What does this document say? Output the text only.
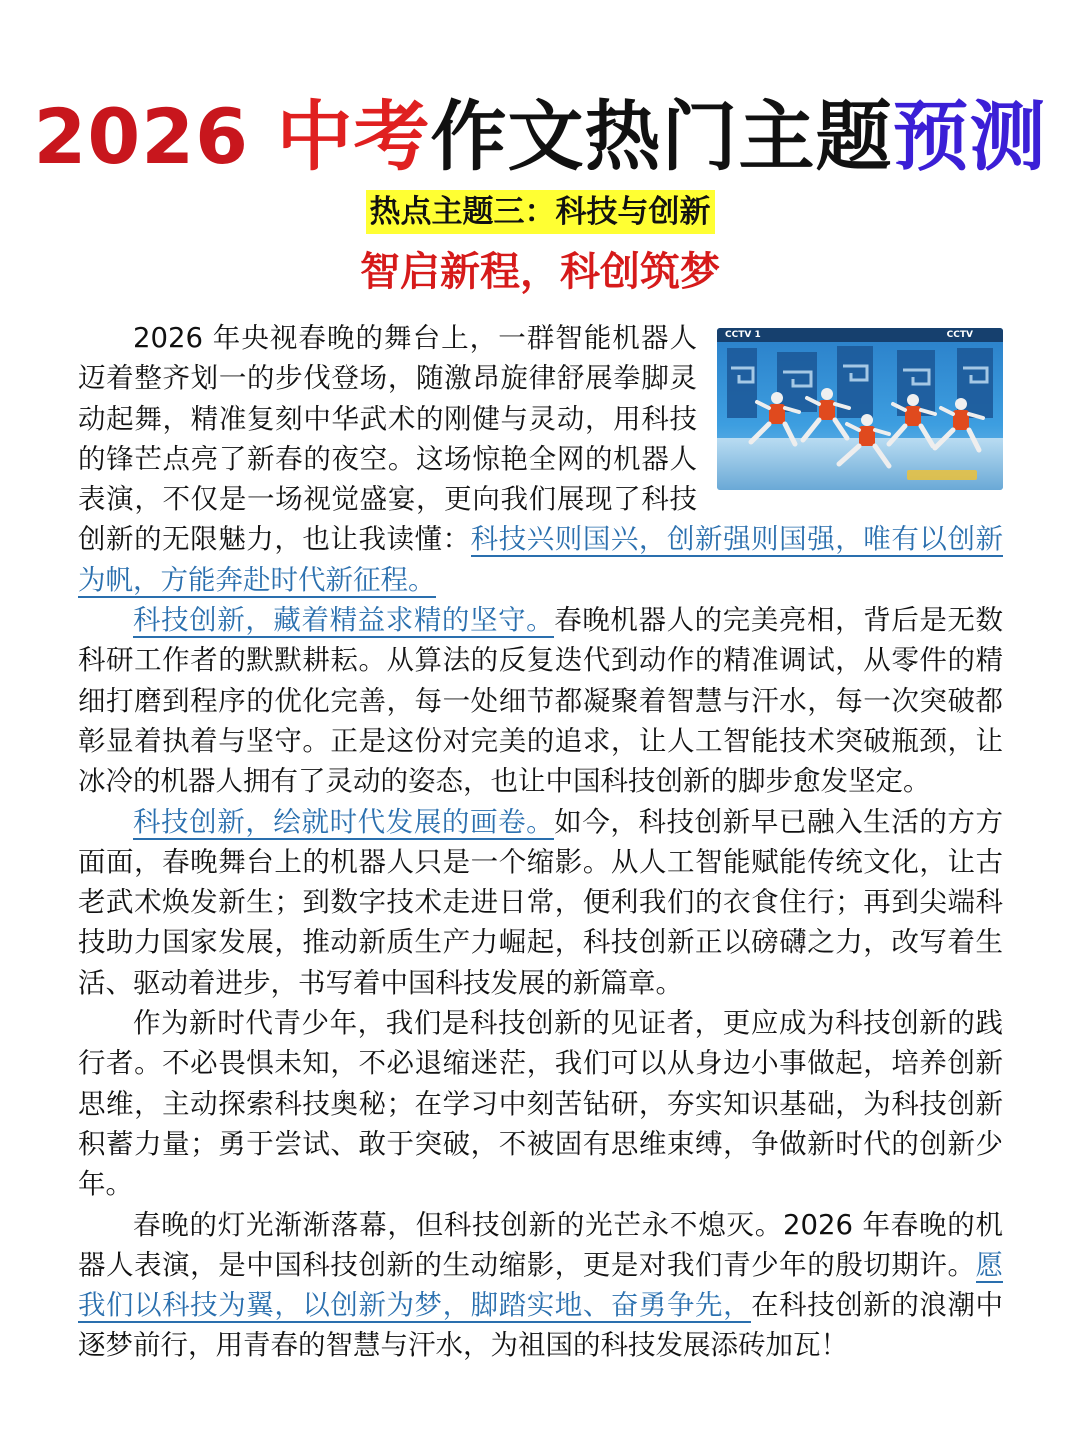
2026 中考作文热门主题预测
热点主题三：科技与创新
智启新程，科创筑梦
CCTV 1	CCTV

2026 年央视春晚的舞台上，一群智能机器人迈着整齐划一的步伐登场，随激昂旋律舒展拳脚灵动起舞，精准复刻中华武术的刚健与灵动，用科技的锋芒点亮了新春的夜空。这场惊艳全网的机器人表演，不仅是一场视觉盛宴，更向我们展现了科技创新的无限魅力，也让我读懂：科技兴则国兴，创新强则国强，唯有以创新为帆，方能奔赴时代新征程。

科技创新，藏着精益求精的坚守。春晚机器人的完美亮相，背后是无数科研工作者的默默耕耘。从算法的反复迭代到动作的精准调试，从零件的精细打磨到程序的优化完善，每一处细节都凝聚着智慧与汗水，每一次突破都彰显着执着与坚守。正是这份对完美的追求，让人工智能技术突破瓶颈，让冰冷的机器人拥有了灵动的姿态，也让中国科技创新的脚步愈发坚定。

科技创新，绘就时代发展的画卷。如今，科技创新早已融入生活的方方面面，春晚舞台上的机器人只是一个缩影。从人工智能赋能传统文化，让古老武术焕发新生；到数字技术走进日常，便利我们的衣食住行；再到尖端科技助力国家发展，推动新质生产力崛起，科技创新正以磅礴之力，改写着生活、驱动着进步，书写着中国科技发展的新篇章。

作为新时代青少年，我们是科技创新的见证者，更应成为科技创新的践行者。不必畏惧未知，不必退缩迷茫，我们可以从身边小事做起，培养创新思维，主动探索科技奥秘；在学习中刻苦钻研，夯实知识基础，为科技创新积蓄力量；勇于尝试、敢于突破，不被固有思维束缚，争做新时代的创新少年。

春晚的灯光渐渐落幕，但科技创新的光芒永不熄灭。2026 年春晚的机器人表演，是中国科技创新的生动缩影，更是对我们青少年的殷切期许。愿我们以科技为翼，以创新为梦，脚踏实地、奋勇争先，在科技创新的浪潮中逐梦前行，用青春的智慧与汗水，为祖国的科技发展添砖加瓦！
